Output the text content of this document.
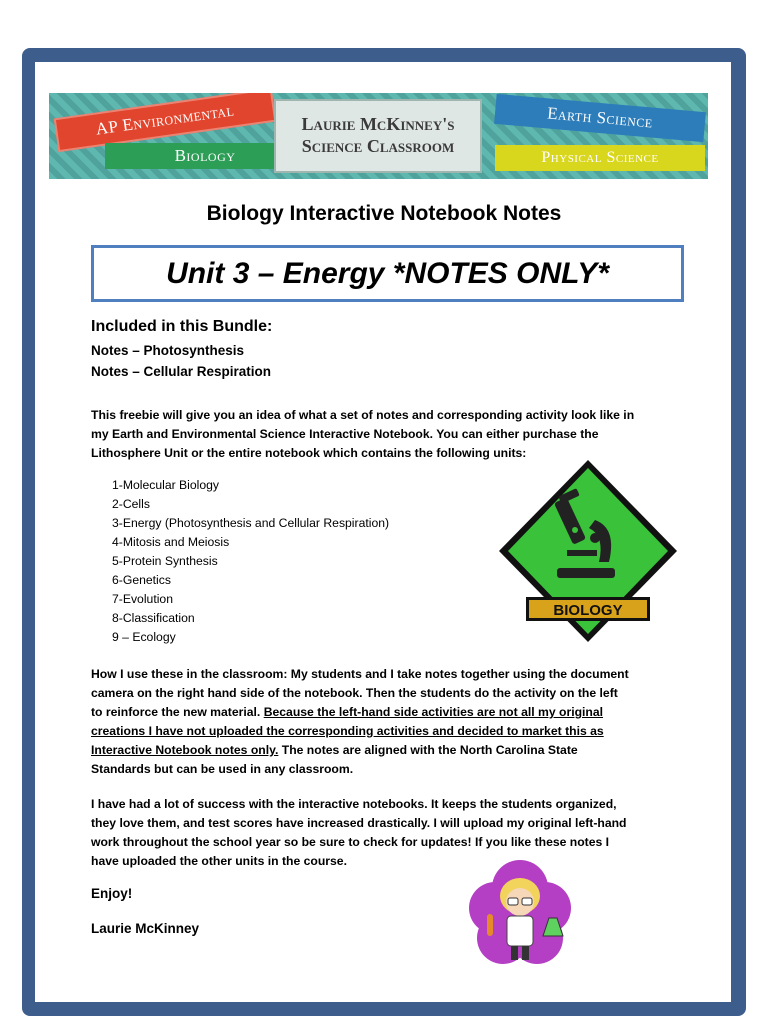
AP Environmental
Biology
Laurie McKinney's
Science Classroom
Earth Science
Physical Science
Biology Interactive Notebook Notes
Unit 3 – Energy *NOTES ONLY*
Included in this Bundle:
Notes – Photosynthesis
Notes – Cellular Respiration
This freebie will give you an idea of what a set of notes and corresponding activity look like in
my Earth and Environmental Science Interactive Notebook. You can either purchase the
Lithosphere Unit or the entire notebook which contains the following units:
1-Molecular Biology
2-Cells
3-Energy (Photosynthesis and Cellular Respiration)
4-Mitosis and Meiosis
5-Protein Synthesis
6-Genetics
7-Evolution
8-Classification
9 – Ecology
BIOLOGY
How I use these in the classroom: My students and I take notes together using the document
camera on the right hand side of the notebook. Then the students do the activity on the left
to reinforce the new material. Because the left-hand side activities are not all my original
creations I have not uploaded the corresponding activities and decided to market this as
Interactive Notebook notes only. The notes are aligned with the North Carolina State
Standards but can be used in any classroom.
I have had a lot of success with the interactive notebooks. It keeps the students organized,
they love them, and test scores have increased drastically. I will upload my original left-hand
work throughout the school year so be sure to check for updates! If you like these notes I
have uploaded the other units in the course.
Enjoy!
Laurie McKinney
